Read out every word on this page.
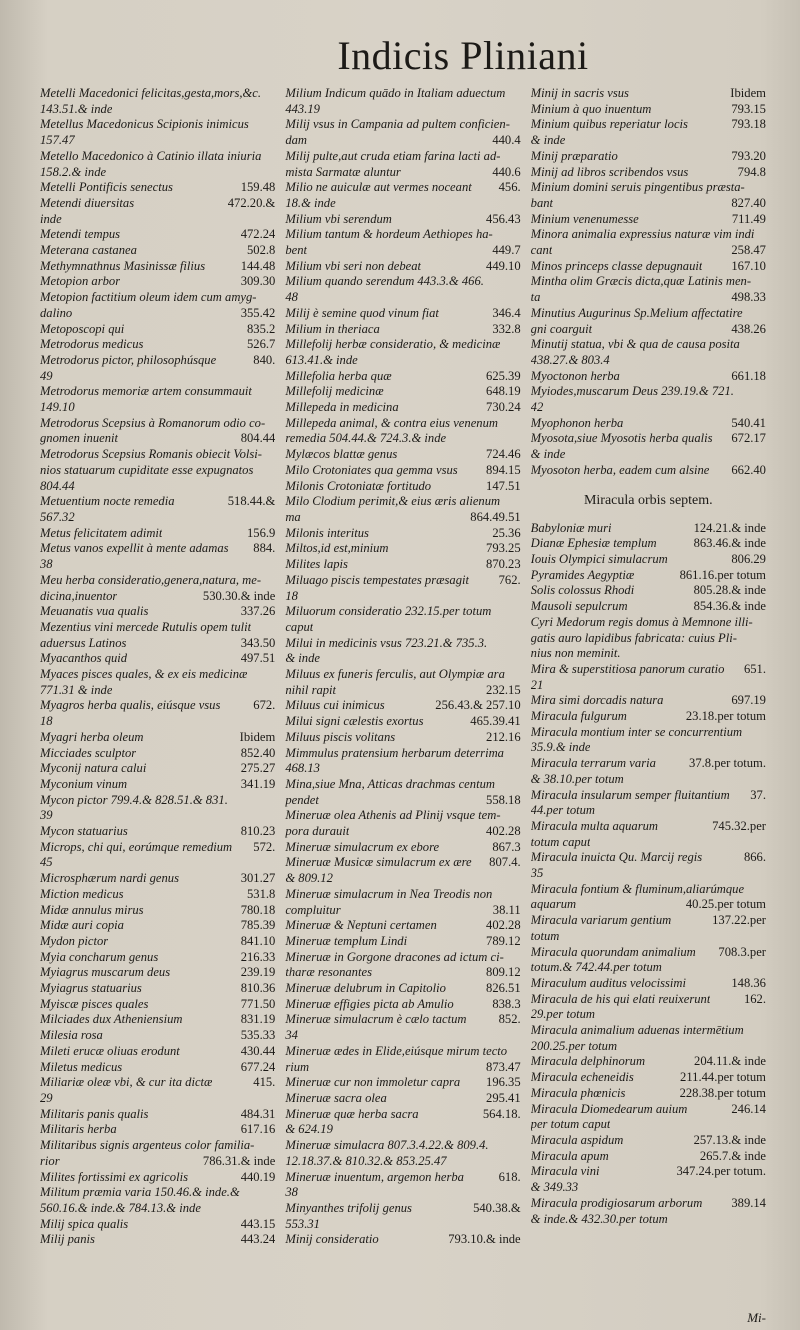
Indicis Pliniani
Metelli Macedonici felicitas,gesta,mors,&c.
143.51.& inde
Metellus Macedonicus Scipionis inimicus
157.47
Metello Macedonico à Catinio illata iniuria
158.2.& inde
Metelli Pontificis senectus	159.48
Metendi diuersitas	472.20.&
inde
Metendi tempus	472.24
Meterana castanea	502.8
Methymnathnus Masinissæ filius	144.48
Metopion arbor	309.30
Metopion factitium oleum idem cum amyg-
dalino	355.42
Metoposcopi qui	835.2
Metrodorus medicus	526.7
Metrodorus pictor, philosophúsque	840.
49
Metrodorus memoriæ artem consummauit
149.10
Metrodorus Scepsius à Romanorum odio co-
gnomen inuenit	804.44
Metrodorus Scepsius Romanis obiecit Volsi-
nios statuarum cupiditate esse expugnatos
804.44
Metuentium nocte remedia	518.44.&
567.32
Metus felicitatem adimit	156.9
Metus vanos expellit à mente adamas 884.
38
Meu herba consideratio,genera,natura, me-
dicina,inuentor	530.30.& inde
Meuanatis vua qualis	337.26
Mezentius vini mercede Rutulis opem tulit
aduersus Latinos	343.50
Myacanthos quid	497.51
Myaces pisces quales, & ex eis medicinæ
771.31 & inde
Myagros herba qualis, eiúsque vsus	672.
18
Myagri herba oleum	Ibidem
Micciades sculptor	852.40
Myconij natura calui	275.27
Myconium vinum	341.19
Mycon pictor 799.4.& 828.51.& 831.
39
Mycon statuarius	810.23
Microps, chi qui, eorúmque remedium 572.
45
Microsphærum nardi genus	301.27
Miction medicus	531.8
Midæ annulus mirus	780.18
Midæ auri copia	785.39
Mydon pictor	841.10
Myia concharum genus	216.33
Myiagrus muscarum deus	239.19
Myiagrus statuarius	810.36
Myiscæ pisces quales	771.50
Milciades dux Atheniensium	831.19
Milesia rosa	535.33
Mileti erucæ oliuas erodunt	430.44
Miletus medicus	677.24
Miliariæ oleæ vbi, & cur ita dictæ	415.
29
Militaris panis qualis	484.31
Militaris herba	617.16
Militaribus signis argenteus color familia-
rior	786.31.& inde
Milites fortissimi ex agricolis	440.19
Militum præmia varia 150.46.& inde.&
560.16.& inde.& 784.13.& inde
Milij spica qualis	443.15
Milij panis	443.24
Milium Indicum quādo in Italiam aduectum
443.19
Milij vsus in Campania ad pultem conficien-
dam	440.4
Milij pulte,aut cruda etiam farina lacti ad-
mista Sarmatæ aluntur	440.6
Milio ne auiculæ aut vermes noceant 456.
18.& inde
Milium vbi serendum	456.43
Milium tantum & hordeum Aethiopes ha-
bent	449.7
Milium vbi seri non debeat	449.10
Milium quando serendum 443.3.& 466.
48
Milij è semine quod vinum fiat	346.4
Milium in theriaca	332.8
Millefolij herbæ consideratio, & medicinæ
613.41.& inde
Millefolia herba quæ	625.39
Millefolij medicinæ	648.19
Millepeda in medicina	730.24
Millepeda animal, & contra eius venenum
remedia 504.44.& 724.3.& inde
Mylæcos blattæ genus	724.46
Milo Crotoniates qua gemma vsus 894.15
Milonis Crotoniatæ fortitudo	147.51
Milo Clodium perimit,& eius æris alienum
ma	864.49.51
Milonis interitus	25.36
Miltos,id est,minium	793.25
Milites lapis	870.23
Miluago piscis tempestates præsagit 762.
18
Miluorum consideratio 232.15.per totum
caput
Milui in medicinis vsus 723.21.& 735.3.
& inde
Miluus ex funeris ferculis, aut Olympiæ ara
nihil rapit	232.15
Miluus cui inimicus	256.43.& 257.10
Milui signi cælestis exortus	465.39.41
Miluus piscis volitans	212.16
Mimmulus pratensium herbarum deterrima
468.13
Mina,siue Mna, Atticas drachmas centum
pendet	558.18
Mineruæ olea Athenis ad Plinij vsque tem-
pora durauit	402.28
Mineruæ simulacrum ex ebore	867.3
Mineruæ Musicæ simulacrum ex ære 807.4.
& 809.12
Mineruæ simulacrum in Nea Treodis non
compluitur	38.11
Mineruæ & Neptuni certamen	402.28
Mineruæ templum Lindi	789.12
Mineruæ in Gorgone dracones ad ictum ci-
tharæ resonantes	809.12
Mineruæ delubrum in Capitolio	826.51
Mineruæ effigies picta ab Amulio	838.3
Mineruæ simulacrum è cælo tactum	852.
34
Mineruæ ædes in Elide,eiúsque mirum tecto
rium	873.47
Mineruæ cur non immoletur capra 196.35
Mineruæ sacra olea	295.41
Mineruæ quæ herba sacra	564.18.
& 624.19
Mineruæ simulacra 807.3.4.22.& 809.4.
12.18.37.& 810.32.& 853.25.47
Mineruæ inuentum, argemon herba	618.
38
Minyanthes trifolij genus	540.38.&
553.31
Minij consideratio	793.10.& inde
Minij in sacris vsus	Ibidem
Minium à quo inuentum	793.15
Minium quibus reperiatur locis	793.18
& inde
Minij præparatio	793.20
Minij ad libros scribendos vsus	794.8
Minium domini seruis pingentibus præsta-
bant	827.40
Minium venenumesse	711.49
Minora animalia expressius naturæ vim indi
cant	258.47
Minos princeps classe depugnauit 167.10
Mintha olim Græcis dicta,quæ Latinis men-
ta	498.33
Minutius Augurinus Sp.Melium affectatire
gni coarguit	438.26
Minutij statua, vbi & qua de causa posita
438.27.& 803.4
Myoctonon herba	661.18
Myiodes,muscarum Deus 239.19.& 721.
42
Myophonon herba	540.41
Myosota,siue Myosotis herba qualis 672.17
& inde
Myosoton herba, eadem cum alsine 662.40
Miracula orbis septem.
Babyloniæ muri	124.21.& inde
Dianæ Ephesiæ templum	863.46.& inde
Iouis Olympici simulacrum	806.29
Pyramides Aegyptiæ	861.16.per totum
Solis colossus Rhodi	805.28.& inde
Mausoli sepulcrum	854.36.& inde
Cyri Medorum regis domus à Memnone illi-
gatis auro lapidibus fabricata: cuius Pli-
nius non meminit.
Mira & superstitiosa panorum curatio 651.
21
Mira simi dorcadis natura	697.19
Miracula fulgurum	23.18.per totum
Miracula montium inter se concurrentium
35.9.& inde
Miracula terrarum varia	37.8.per totum.
& 38.10.per totum
Miracula insularum semper fluitantium 37.
44.per totum
Miracula multa aquarum	745.32.per
totum caput
Miracula inuicta Qu. Marcij regis	866.
35
Miracula fontium & fluminum,aliarúmque
aquarum	40.25.per totum
Miracula variarum gentium	137.22.per
totum
Miracula quorundam animalium 708.3.per
totum.& 742.44.per totum
Miraculum auditus velocissimi	148.36
Miracula de his qui elati reuixerunt	162.
29.per totum
Miracula animalium aduenas intermētium
200.25.per totum
Miracula delphinorum	204.11.& inde
Miracula echeneidis	211.44.per totum
Miracula phœnicis	228.38.per totum
Miracula Diomedearum auium	246.14
per totum caput
Miracula aspidum	257.13.& inde
Miracula apum	265.7.& inde
Miracula vini	347.24.per totum.
& 349.33
Miracula prodigiosarum arborum 389.14
& inde.& 432.30.per totum
Mi-
